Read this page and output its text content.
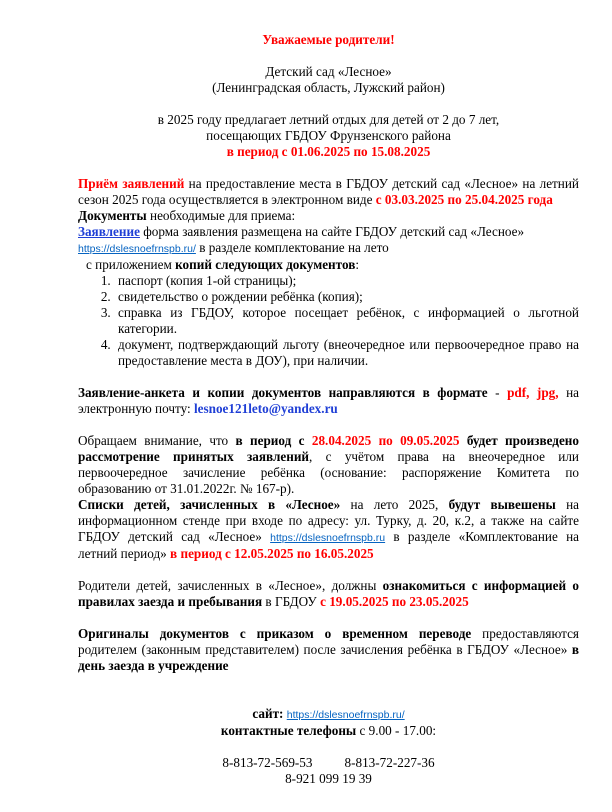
Уважаемые родители!

Детский сад «Лесное»

(Ленинградская область, Лужский район)

в 2025 году предлагает летний отдых для детей от 2 до 7 лет,

посещающих ГБДОУ Фрунзенского района

в период с 01.06.2025 по 15.08.2025

Приём заявлений на предоставление места в ГБДОУ детский сад «Лесное» на летний сезон 2025 года осуществляется в электронном виде с 03.03.2025 по 25.04.2025 года

Документы необходимые для приема:

Заявление форма заявления размещена на сайте ГБДОУ детский сад «Лесное»
https://dslesnoefrnspb.ru/ в разделе комплектование на лето

с приложением копий следующих документов:

1. паспорт (копия 1-ой страницы);
2. свидетельство о рождении ребёнка (копия);
3. справка из ГБДОУ, которое посещает ребёнок, с информацией о льготной категории.
4. документ, подтверждающий льготу (внеочередное или первоочередное право на предоставление места в ДОУ), при наличии.

Заявление-анкета и копии документов направляются в формате - pdf, jpg, на электронную почту: lesnoe121leto@yandex.ru

Обращаем внимание, что в период с 28.04.2025 по 09.05.2025 будет произведено рассмотрение принятых заявлений, с учётом права на внеочередное или первоочередное зачисление ребёнка (основание: распоряжение Комитета по образованию от 31.01.2022г. № 167-р).

Списки детей, зачисленных в «Лесное» на лето 2025, будут вывешены на информационном стенде при входе по адресу: ул. Турку, д. 20, к.2, а также на сайте ГБДОУ детский сад «Лесное» https://dslesnoefrnspb.ru в разделе «Комплектование на летний период» в период с 12.05.2025 по 16.05.2025

Родители детей, зачисленных в «Лесное», должны ознакомиться с информацией о правилах заезда и пребывания в ГБДОУ с 19.05.2025 по 23.05.2025

Оригиналы документов с приказом о временном переводе предоставляются родителем (законным представителем) после зачисления ребёнка в ГБДОУ «Лесное» в день заезда в учреждение

сайт: https://dslesnoefrnspb.ru/

контактные телефоны с 9.00 - 17.00:

8-813-72-569-53 8-813-72-227-36

8-921 099 19 39
